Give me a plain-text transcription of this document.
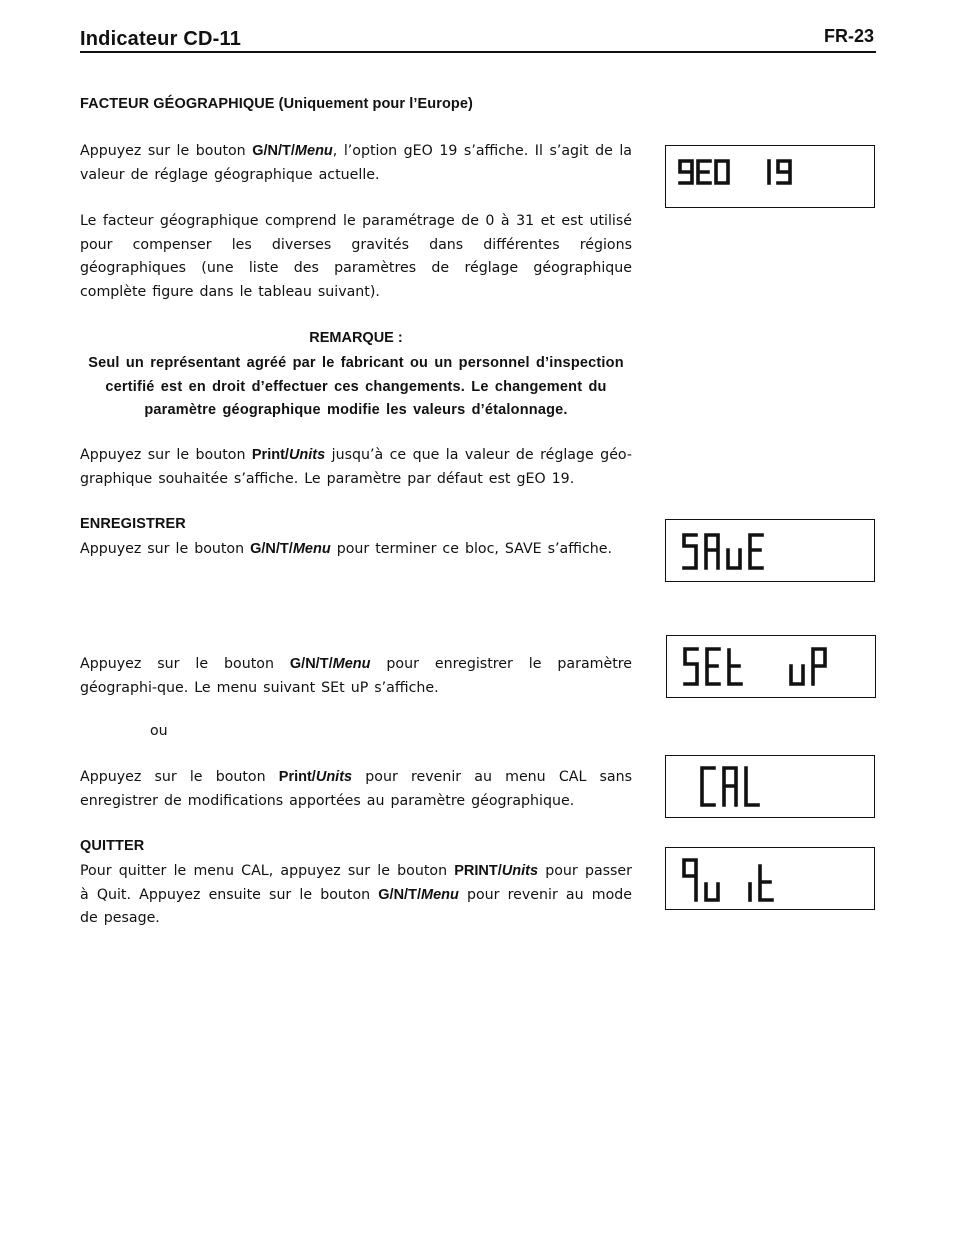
Indicateur CD-11	FR-23
FACTEUR GÉOGRAPHIQUE (Uniquement pour l’Europe)
Appuyez sur le bouton G/N/T/Menu, l’option gEO 19 s’affiche. Il s’agit de la valeur de réglage géographique actuelle.
Le facteur géographique comprend le paramétrage de 0 à 31 et est utilisé pour compenser les diverses gravités dans différentes régions géographiques (une liste des paramètres de réglage géographique complète figure dans le tableau suivant).
REMARQUE :
Seul un représentant agréé par le fabricant ou un personnel d’inspection
certifié est en droit d’effectuer ces changements. Le changement du
paramètre géographique modifie les valeurs d’étalonnage.
Appuyez sur le bouton Print/Units jusqu’à ce que la valeur de réglage géo-graphique souhaitée s’affiche. Le paramètre par défaut est gEO 19.
ENREGISTRER
Appuyez sur le bouton G/N/T/Menu pour terminer ce bloc, SAVE s’affiche.
Appuyez sur le bouton G/N/T/Menu pour enregistrer le paramètre géographi-que. Le menu suivant SEt uP s’affiche.
ou
Appuyez sur le bouton Print/Units pour revenir au menu CAL sans enregistrer de modifications apportées au paramètre géographique.
QUITTER
Pour quitter le menu CAL, appuyez sur le bouton PRINT/Units pour passer à Quit. Appuyez ensuite sur le bouton G/N/T/Menu pour revenir au mode de pesage.
